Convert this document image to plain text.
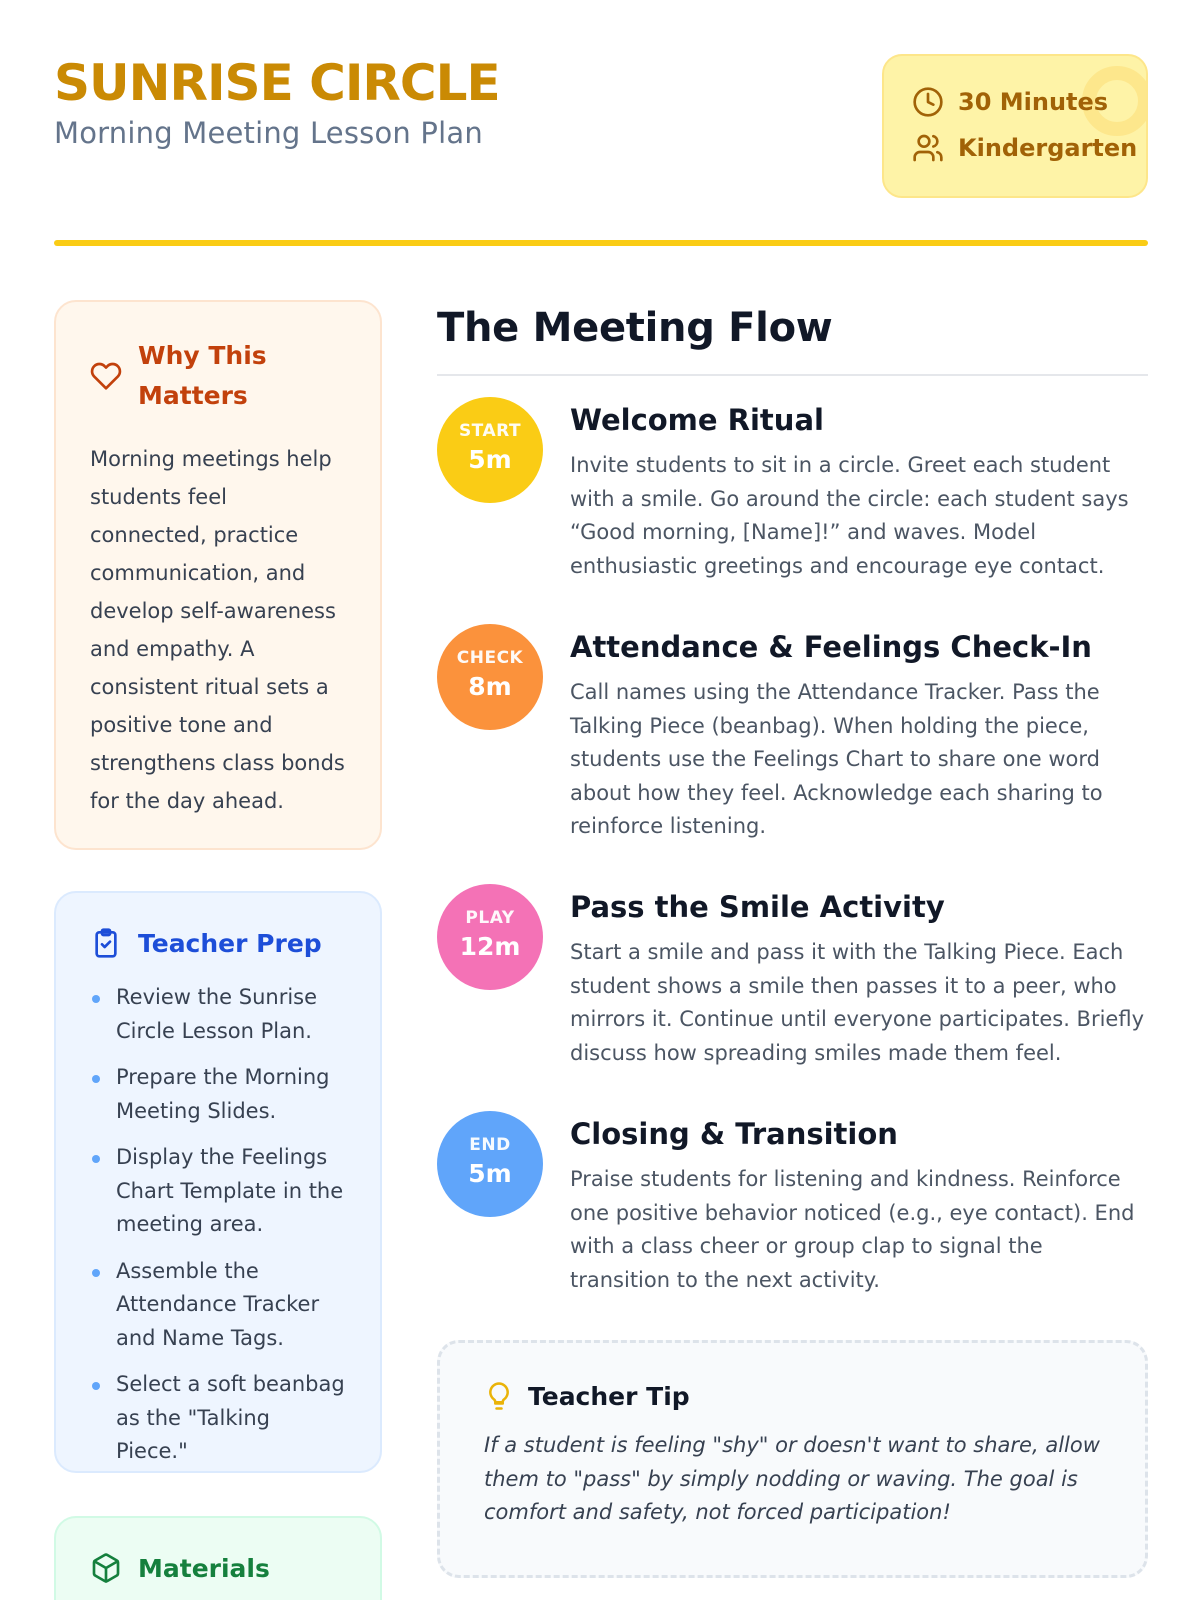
SUNRISE CIRCLE
Morning Meeting Lesson Plan
30 Minutes
Kindergarten
Why This Matters

Morning meetings help students feel connected, practice communication, and develop self-awareness and empathy. A consistent ritual sets a positive tone and strengthens class bonds for the day ahead.

Teacher Prep
Review the Sunrise Circle Lesson Plan.
Prepare the Morning Meeting Slides.
Display the Feelings Chart Template in the meeting area.
Assemble the Attendance Tracker and Name Tags.
Select a soft beanbag as the "Talking Piece."
Materials
The Meeting Flow
START
5m
Welcome Ritual

Invite students to sit in a circle. Greet each student with a smile. Go around the circle: each student says “Good morning, [Name]!” and waves. Model enthusiastic greetings and encourage eye contact.

CHECK
8m
Attendance & Feelings Check-In

Call names using the Attendance Tracker. Pass the Talking Piece (beanbag). When holding the piece, students use the Feelings Chart to share one word about how they feel. Acknowledge each sharing to reinforce listening.

PLAY
12m
Pass the Smile Activity

Start a smile and pass it with the Talking Piece. Each student shows a smile then passes it to a peer, who mirrors it. Continue until everyone participates. Briefly discuss how spreading smiles made them feel.

END
5m
Closing & Transition

Praise students for listening and kindness. Reinforce one positive behavior noticed (e.g., eye contact). End with a class cheer or group clap to signal the transition to the next activity.

Teacher Tip

If a student is feeling "shy" or doesn't want to share, allow them to "pass" by simply nodding or waving. The goal is comfort and safety, not forced participation!
